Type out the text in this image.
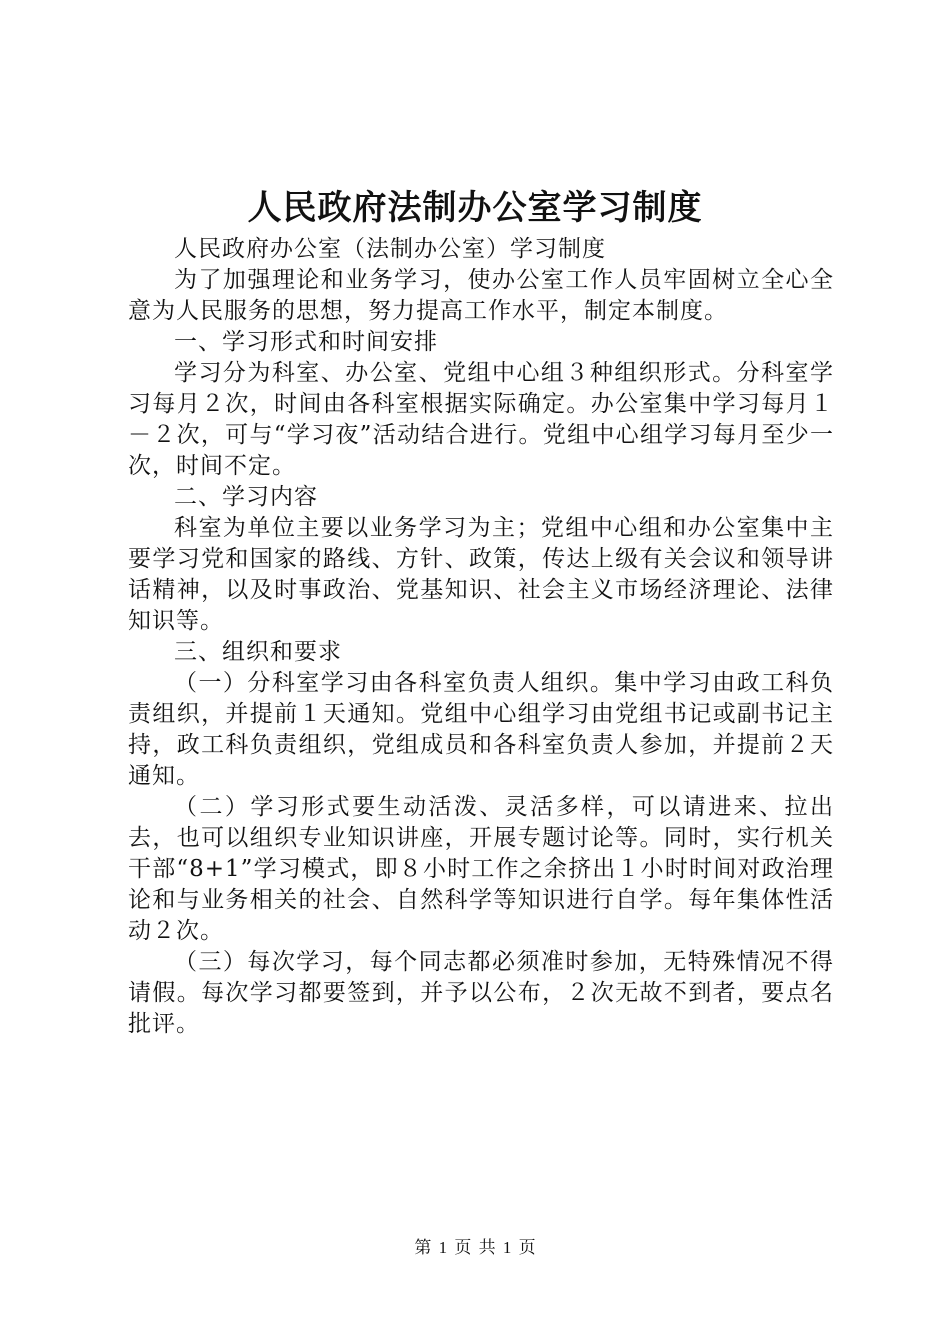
人民政府法制办公室学习制度

人民政府办公室（法制办公室）学习制度

为了加强理论和业务学习，使办公室工作人员牢固树立全心全意为人民服务的思想，努力提高工作水平，制定本制度。

一、学习形式和时间安排

学习分为科室、办公室、党组中心组３种组织形式。分科室学习每月２次，时间由各科室根据实际确定。办公室集中学习每月１－２次，可与“学习夜”活动结合进行。党组中心组学习每月至少一次，时间不定。

二、学习内容

科室为单位主要以业务学习为主；党组中心组和办公室集中主要学习党和国家的路线、方针、政策，传达上级有关会议和领导讲话精神，以及时事政治、党基知识、社会主义市场经济理论、法律知识等。

三、组织和要求

（一）分科室学习由各科室负责人组织。集中学习由政工科负责组织，并提前１天通知。党组中心组学习由党组书记或副书记主持，政工科负责组织，党组成员和各科室负责人参加，并提前２天通知。

（二）学习形式要生动活泼、灵活多样，可以请进来、拉出去，也可以组织专业知识讲座，开展专题讨论等。同时，实行机关干部“8+1”学习模式，即８小时工作之余挤出１小时时间对政治理论和与业务相关的社会、自然科学等知识进行自学。每年集体性活动２次。

（三）每次学习，每个同志都必须准时参加，无特殊情况不得请假。每次学习都要签到，并予以公布，２次无故不到者，要点名批评。

第 1 页 共 1 页
